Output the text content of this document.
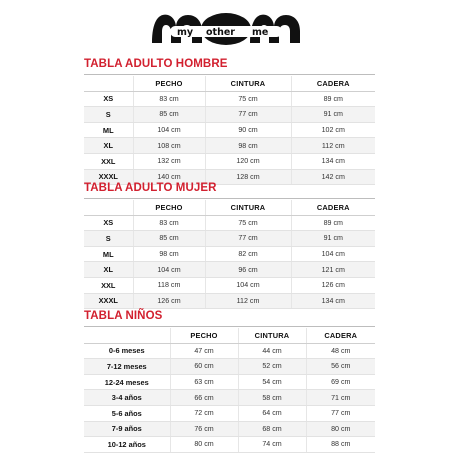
my other me
TABLA ADULTO HOMBRE
	PECHO	CINTURA	CADERA
XS	83 cm	75 cm	89 cm
S	85 cm	77 cm	91 cm
ML	104 cm	90 cm	102 cm
XL	108 cm	98 cm	112 cm
XXL	132 cm	120 cm	134 cm
XXXL	140 cm	128 cm	142 cm
TABLA ADULTO MUJER
	PECHO	CINTURA	CADERA
XS	83 cm	75 cm	89 cm
S	85 cm	77 cm	91 cm
ML	98 cm	82 cm	104 cm
XL	104 cm	96 cm	121 cm
XXL	118 cm	104 cm	126 cm
XXXL	126 cm	112 cm	134 cm
TABLA NIÑOS
	PECHO	CINTURA	CADERA
0-6 meses	47 cm	44 cm	48 cm
7-12 meses	60 cm	52 cm	56 cm
12-24 meses	63 cm	54 cm	69 cm
3-4 años	66 cm	58 cm	71 cm
5-6 años	72 cm	64 cm	77 cm
7-9 años	76 cm	68 cm	80 cm
10-12 años	80 cm	74 cm	88 cm
